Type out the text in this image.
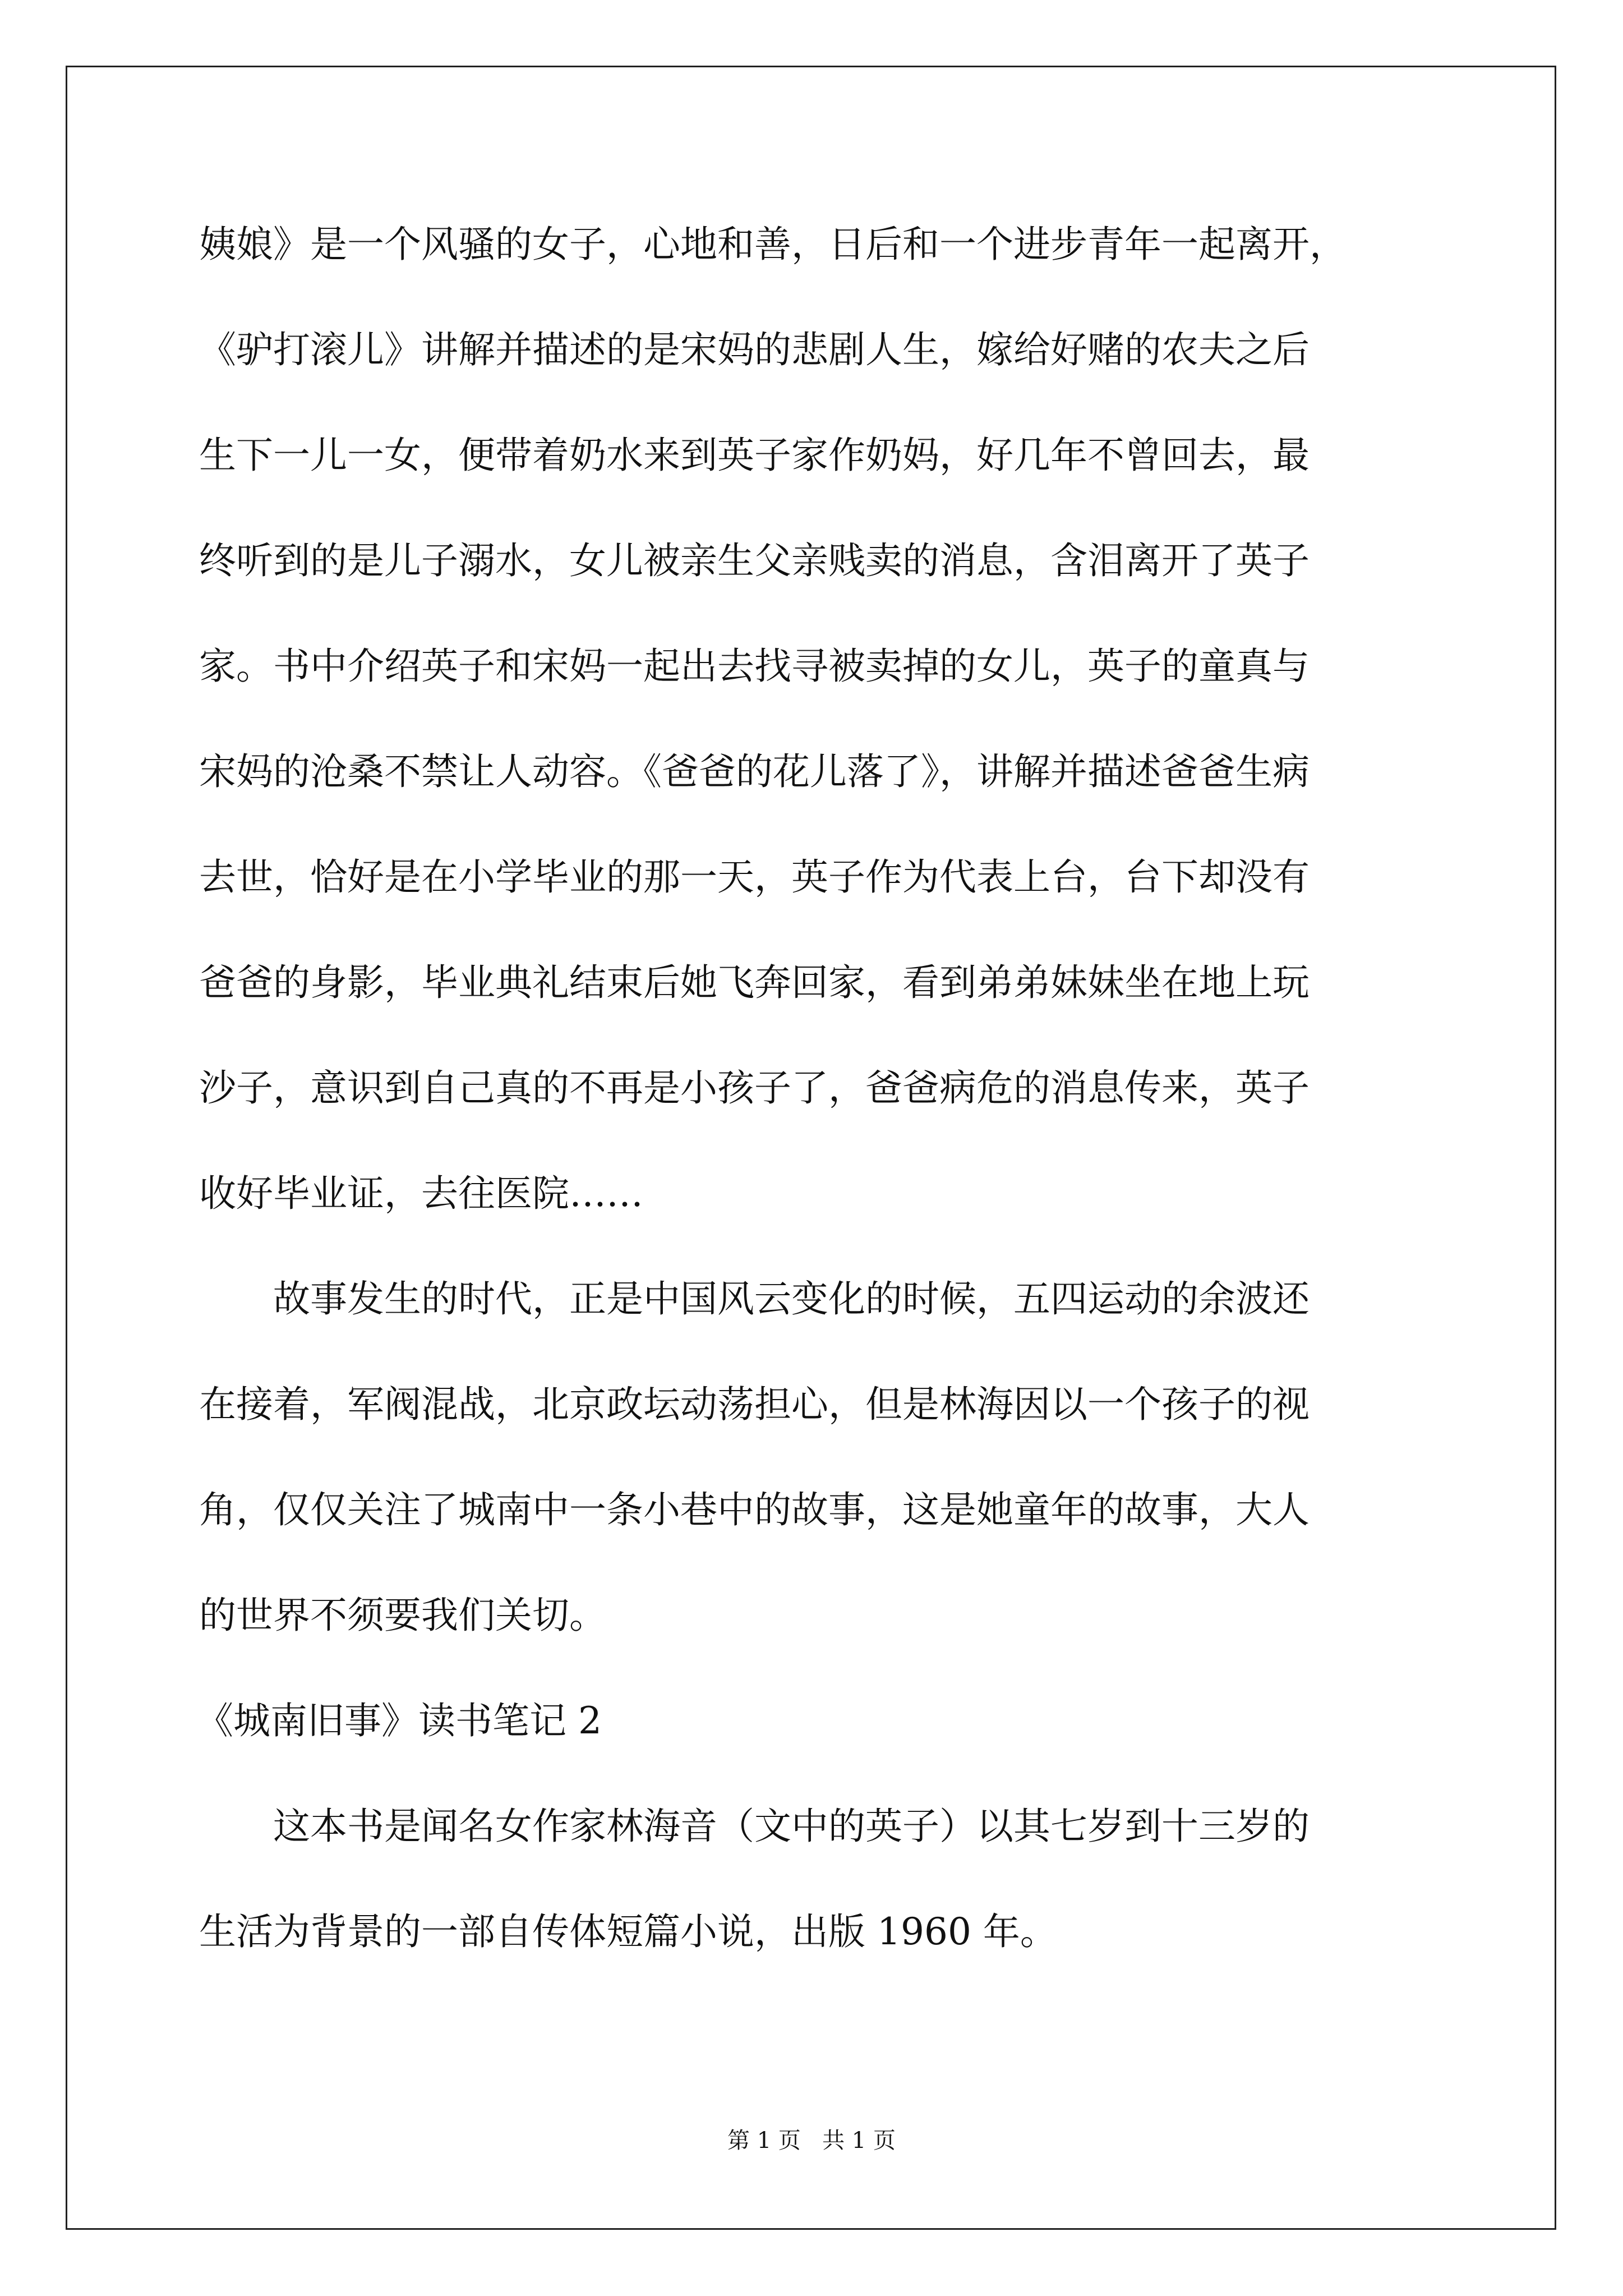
姨娘》是一个风骚的女子，心地和善，日后和一个进步青年一起离开，
《驴打滚儿》讲解并描述的是宋妈的悲剧人生，嫁给好赌的农夫之后
生下一儿一女，便带着奶水来到英子家作奶妈，好几年不曾回去，最
终听到的是儿子溺水，女儿被亲生父亲贱卖的消息，含泪离开了英子
家。书中介绍英子和宋妈一起出去找寻被卖掉的女儿，英子的童真与
宋妈的沧桑不禁让人动容。《爸爸的花儿落了》，讲解并描述爸爸生病
去世，恰好是在小学毕业的那一天，英子作为代表上台，台下却没有
爸爸的身影，毕业典礼结束后她飞奔回家，看到弟弟妹妹坐在地上玩
沙子，意识到自己真的不再是小孩子了，爸爸病危的消息传来，英子
收好毕业证，去往医院……
故事发生的时代，正是中国风云变化的时候，五四运动的余波还
在接着，军阀混战，北京政坛动荡担心，但是林海因以一个孩子的视
角，仅仅关注了城南中一条小巷中的故事，这是她童年的故事，大人
的世界不须要我们关切。
《城南旧事》读书笔记 2
这本书是闻名女作家林海音（文中的英子）以其七岁到十三岁的
生活为背景的一部自传体短篇小说，出版 1960 年。
第 1 页   共 1 页
